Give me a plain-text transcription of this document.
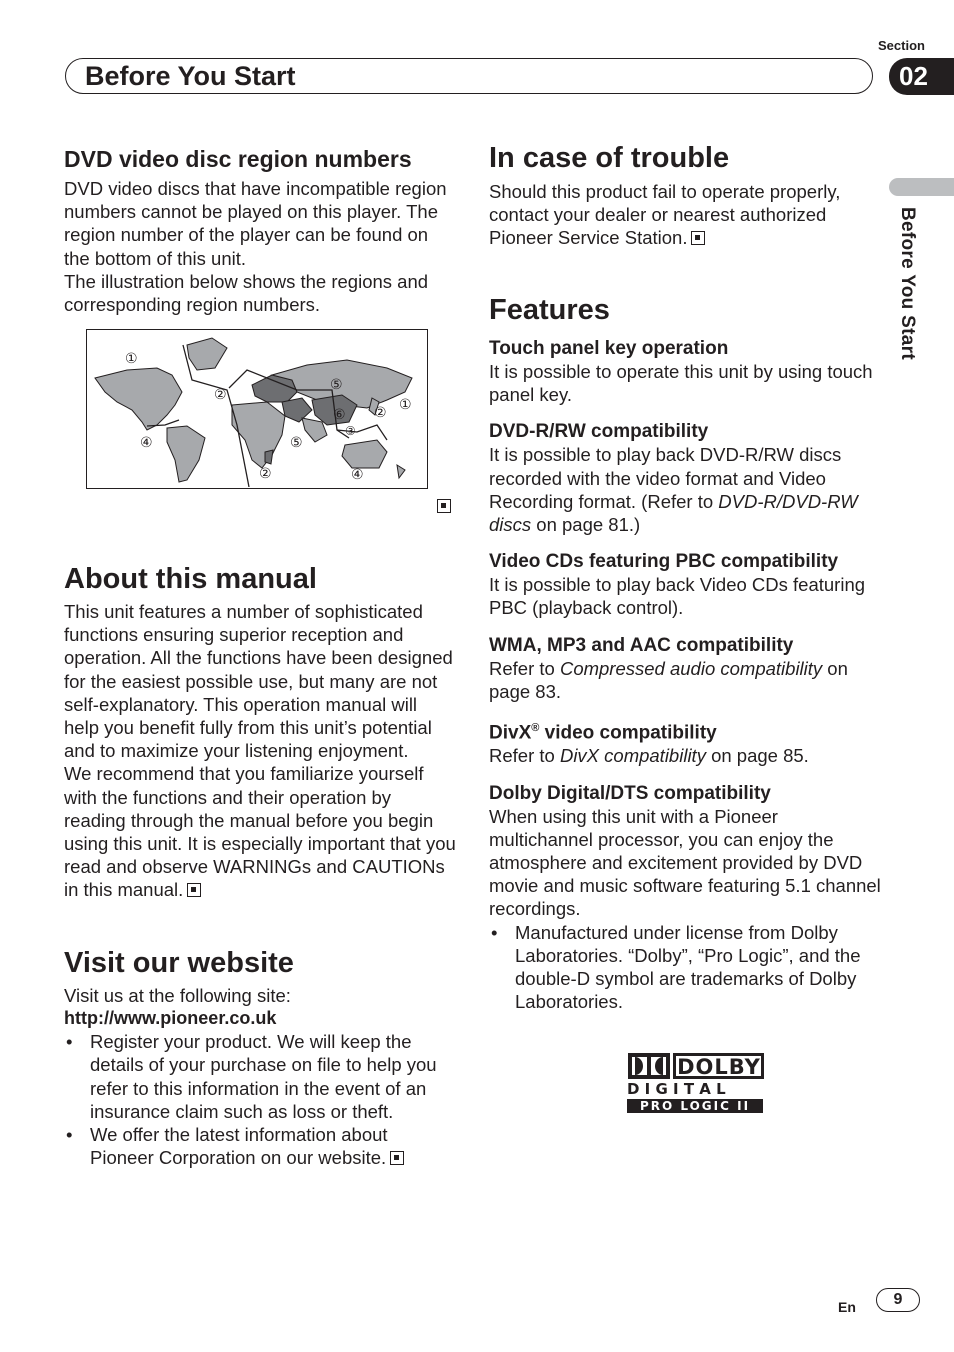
Section
Before You Start	02
Before You Start
DVD video disc region numbers

DVD video discs that have incompatible region numbers cannot be played on this player. The region number of the player can be found on the bottom of this unit.

The illustration below shows the regions and corresponding region numbers.

①
②
④
⑤
②
⑤
⑥
③
② ①
④
About this manual

This unit features a number of sophisticated functions ensuring superior reception and operation. All the functions have been designed for the easiest possible use, but many are not self-explanatory. This operation manual will help you benefit fully from this unit’s potential and to maximize your listening enjoyment.

We recommend that you familiarize yourself with the functions and their operation by reading through the manual before you begin using this unit. It is especially important that you read and observe WARNINGs and CAUTIONs in this manual.

Visit our website

Visit us at the following site:

http://www.pioneer.co.uk
• Register your product. We will keep the details of your purchase on file to help you refer to this information in the event of an insurance claim such as loss or theft.
• We offer the latest information about Pioneer Corporation on our website.
In case of trouble

Should this product fail to operate properly, contact your dealer or nearest authorized Pioneer Service Station.

Features
Touch panel key operation

It is possible to operate this unit by using touch panel key.

DVD-R/RW compatibility

It is possible to play back DVD-R/RW discs recorded with the video format and Video Recording format. (Refer to DVD-R/DVD-RW discs on page 81.)

Video CDs featuring PBC compatibility

It is possible to play back Video CDs featuring PBC (playback control).

WMA, MP3 and AAC compatibility

Refer to Compressed audio compatibility on page 83.

DivX® video compatibility

Refer to DivX compatibility on page 85.

Dolby Digital/DTS compatibility

When using this unit with a Pioneer multichannel processor, you can enjoy the atmosphere and excitement provided by DVD movie and music software featuring 5.1 channel recordings.

• Manufactured under license from Dolby Laboratories. “Dolby”, “Pro Logic”, and the double-D symbol are trademarks of Dolby Laboratories.
DOLBY
D I G I T A L
PRO LOGIC II
En	9
